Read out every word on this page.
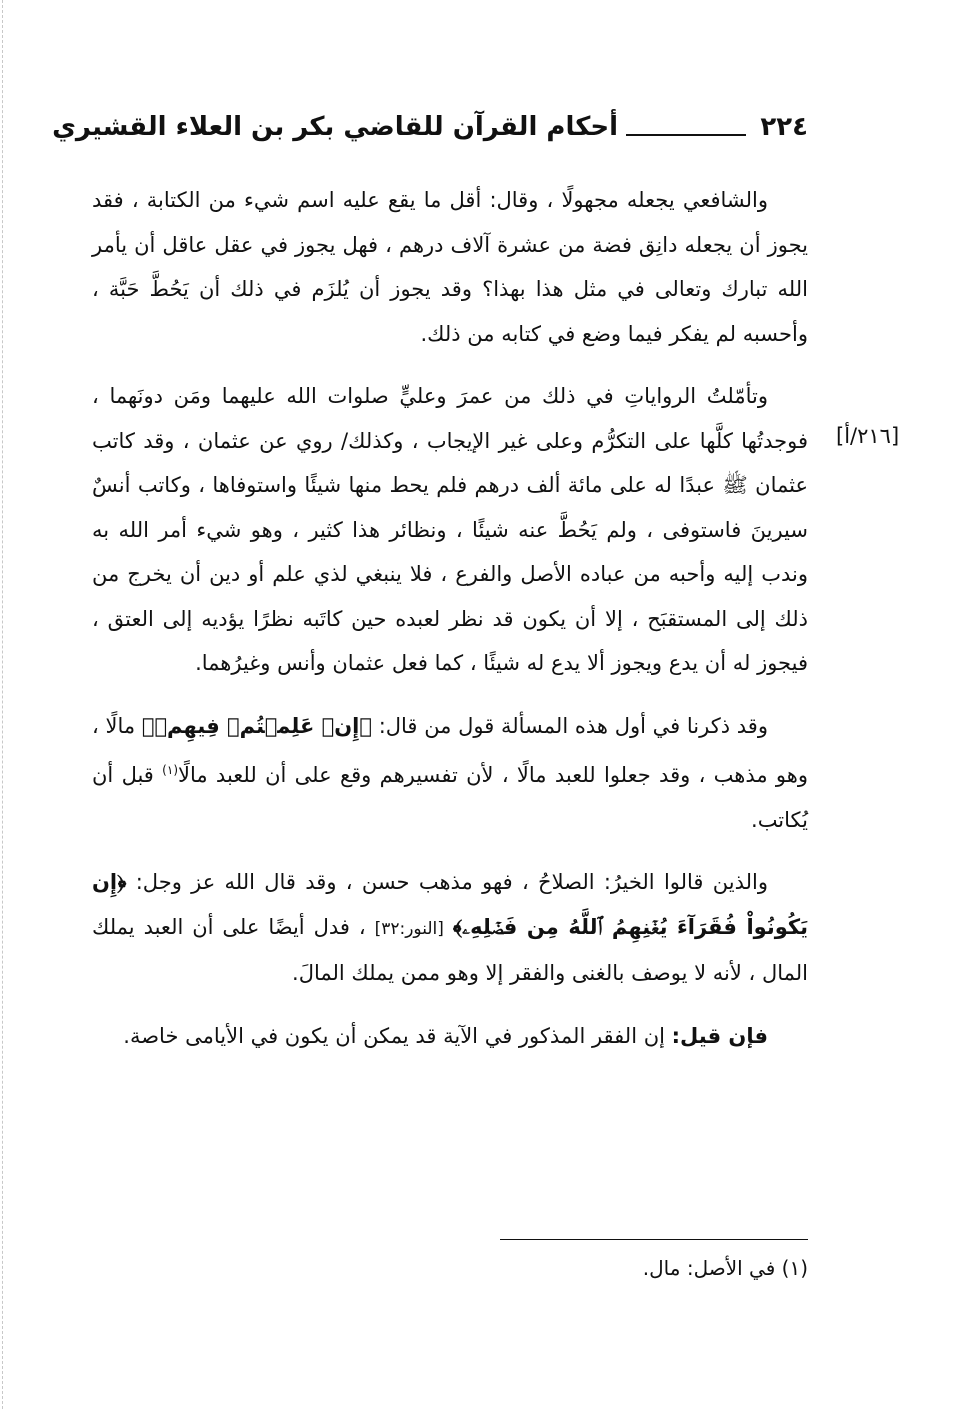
٢٢٤
أحكام القرآن للقاضي بكر بن العلاء القشيري
[٢١٦/أ]

والشافعي يجعله مجهولًا ، وقال: أقل ما يقع عليه اسم شيء من الكتابة ، فقد يجوز أن يجعله دانِق فضة من عشرة آلاف درهم ، فهل يجوز في عقل عاقل أن يأمر الله تبارك وتعالى في مثل هذا بهذا؟ وقد يجوز أن يُلزَم في ذلك أن يَحُطَّ حَبَّة ، وأحسبه لم يفكر فيما وضع في كتابه من ذلك.

وتأمّلتُ الرواياتِ في ذلك من عمرَ وعليٍّ صلوات الله عليهما ومَن دونَهما ، فوجدتُها كلَّها على التكرُّم وعلى غير الإيجاب ، وكذلك/ روي عن عثمان ، وقد كاتب عثمان ﷺ عبدًا له على مائة ألف درهم فلم يحط منها شيئًا واستوفاها ، وكاتب أنسٌ سيرينَ فاستوفى ، ولم يَحُطَّ عنه شيئًا ، ونظائر هذا كثير ، وهو شيء أمر الله به وندب إليه وأحبه من عباده الأصل والفرع ، فلا ينبغي لذي علم أو دين أن يخرج من ذلك إلى المستقبَح ، إلا أن يكون قد نظر لعبده حين كاتَبه نظرًا يؤديه إلى العتق ، فيجوز له أن يدع ويجوز ألا يدع له شيئًا ، كما فعل عثمان وأنس وغيرُهما.

وقد ذكرنا في أول هذه المسألة قول من قال: ﴿إِنۡ عَلِمۡتُمۡ فِيهِمۡ﴾ مالًا ، وهو مذهب ، وقد جعلوا للعبد مالًا ، لأن تفسيرهم وقع على أن للعبد مالًا$^{(١)}$ قبل أن يُكاتب.

والذين قالوا الخيرُ: الصلاحُ ، فهو مذهب حسن ، وقد قال الله عز وجل: ﴿إِن يَكُونُواْ فُقَرَآءَ يُغۡنِهِمُ ٱللَّهُ مِن فَضۡلِهِۦ﴾ [النور:٣٢] ، فدل أيضًا على أن العبد يملك المال ، لأنه لا يوصف بالغنى والفقر إلا وهو ممن يملك المالَ.

فإن قيل: إن الفقر المذكور في الآية قد يمكن أن يكون في الأيامى خاصة.

(١) في الأصل: مال.
